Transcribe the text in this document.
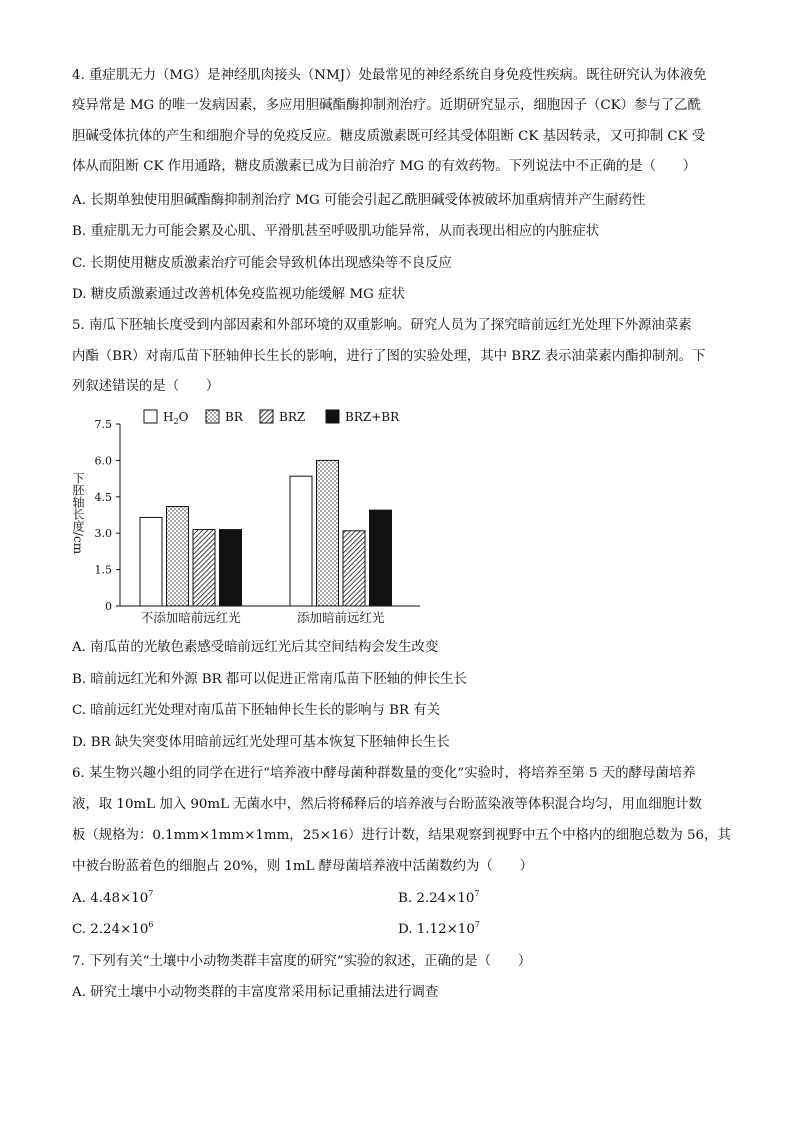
4. 重症肌无力（MG）是神经肌肉接头（NMJ）处最常见的神经系统自身免疫性疾病。既往研究认为体液免
疫异常是 MG 的唯一发病因素，多应用胆碱酯酶抑制剂治疗。近期研究显示，细胞因子（CK）参与了乙酰
胆碱受体抗体的产生和细胞介导的免疫反应。糖皮质激素既可经其受体阻断 CK 基因转录，又可抑制 CK 受
体从而阻断 CK 作用通路，糖皮质激素已成为目前治疗 MG 的有效药物。下列说法中不正确的是（　　）
A. 长期单独使用胆碱酯酶抑制剂治疗 MG 可能会引起乙酰胆碱受体被破坏加重病情并产生耐药性
B. 重症肌无力可能会累及心肌、平滑肌甚至呼吸肌功能异常，从而表现出相应的内脏症状
C. 长期使用糖皮质激素治疗可能会导致机体出现感染等不良反应
D. 糖皮质激素通过改善机体免疫监视功能缓解 MG 症状
5. 南瓜下胚轴长度受到内部因素和外部环境的双重影响。研究人员为了探究暗前远红光处理下外源油菜素
内酯（BR）对南瓜苗下胚轴伸长生长的影响，进行了图的实验处理，其中 BRZ 表示油菜素内酯抑制剂。下
列叙述错误的是（　　）
$H_2O$	BR	BRZ	BRZ+BR
0
1.5
3.0
4.5
6.0
7.5
不添加暗前远红光	添加暗前远红光
下胚轴长度/cm
A. 南瓜苗的光敏色素感受暗前远红光后其空间结构会发生改变
B. 暗前远红光和外源 BR 都可以促进正常南瓜苗下胚轴的伸长生长
C. 暗前远红光处理对南瓜苗下胚轴伸长生长的影响与 BR 有关
D. BR 缺失突变体用暗前远红光处理可基本恢复下胚轴伸长生长
6. 某生物兴趣小组的同学在进行“培养液中酵母菌种群数量的变化”实验时，将培养至第 5 天的酵母菌培养
液，取 10mL 加入 90mL 无菌水中，然后将稀释后的培养液与台盼蓝染液等体积混合均匀，用血细胞计数
板（规格为：0.1mm×1mm×1mm，25×16）进行计数，结果观察到视野中五个中格内的细胞总数为 56，其
中被台盼蓝着色的细胞占 20%，则 1mL 酵母菌培养液中活菌数约为（　　）
A. $4.48\times 10^7$	B. $2.24\times 10^7$
C. $2.24\times 10^6$	D. $1.12\times 10^7$
7. 下列有关“土壤中小动物类群丰富度的研究”实验的叙述，正确的是（　　）
A. 研究土壤中小动物类群的丰富度常采用标记重捕法进行调查
